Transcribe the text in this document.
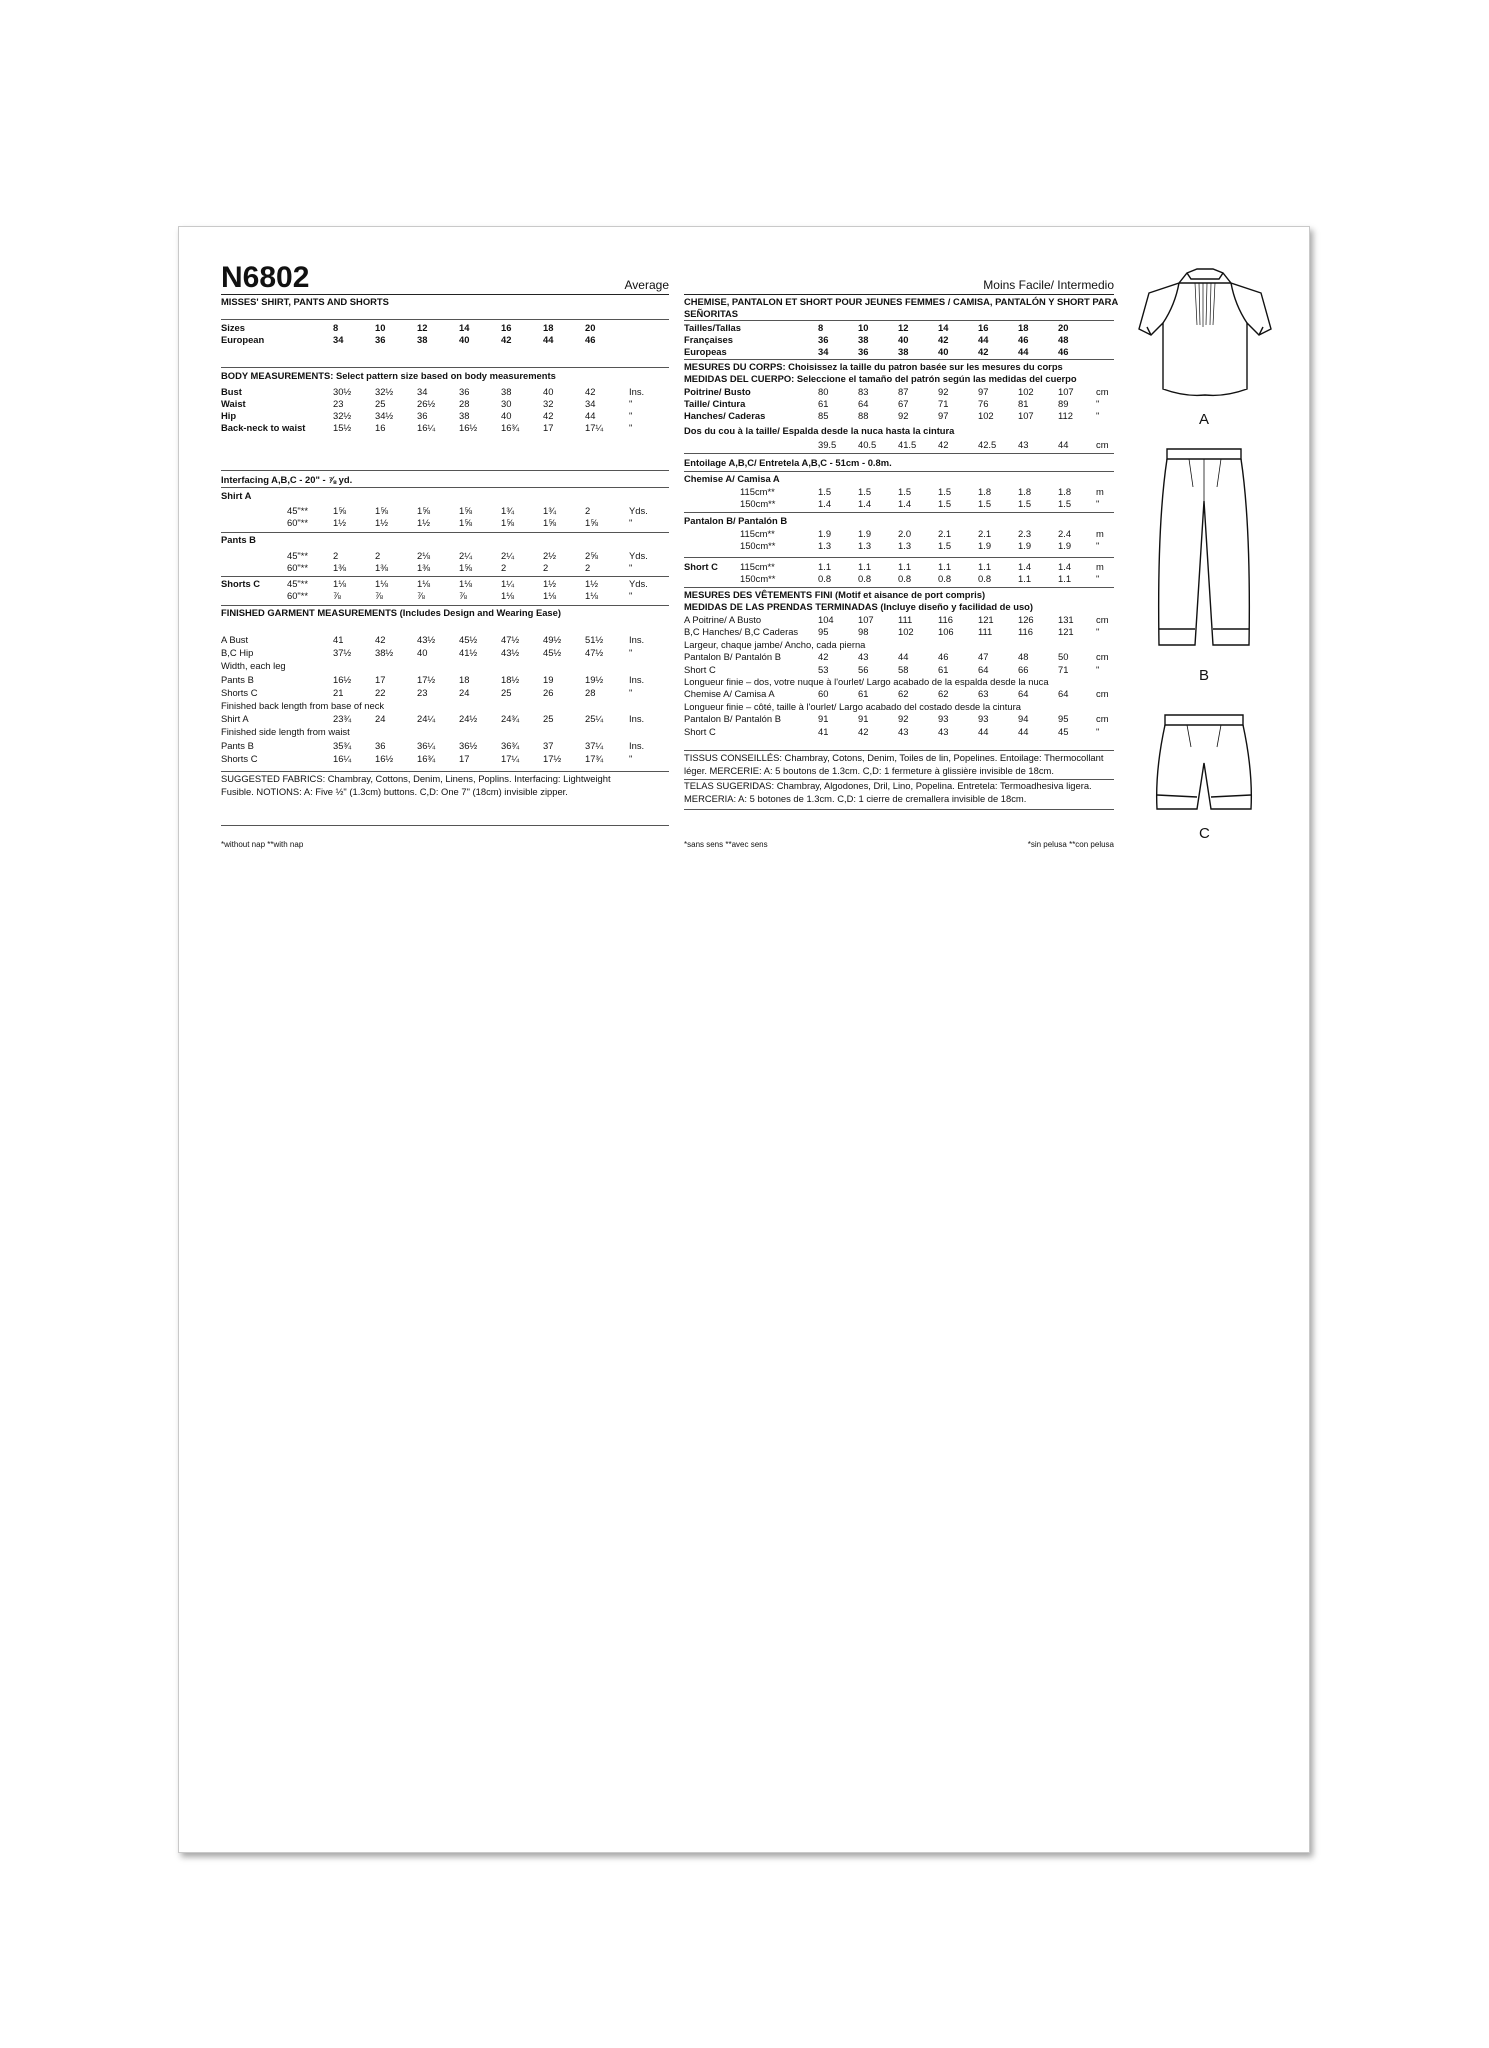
N6802	Average
MISSES' SHIRT, PANTS AND SHORTS
Sizes	8	10	12	14	16	18	20
European	34	36	38	40	42	44	46
BODY MEASUREMENTS: Select pattern size based on body measurements
Bust	30½	32½	34	36	38	40	42	Ins.
Waist	23	25	26½	28	30	32	34	"
Hip	32½	34½	36	38	40	42	44	"
Back-neck to waist	15½	16	16¼	16½	16¾	17	17¼	"
Interfacing A,B,C - 20" - ⅞ yd.
Shirt A
45"**	1⅝	1⅝	1⅝	1⅝	1¾	1¾	2	Yds.
60"**	1½	1½	1½	1⅝	1⅝	1⅝	1⅝	"
Pants B
45"**	2	2	2⅛	2¼	2¼	2½	2⅝	Yds.
60"**	1⅜	1⅜	1⅜	1⅝	2	2	2	"
Shorts C	45"**	1⅛	1⅛	1⅛	1⅛	1¼	1½	1½	Yds.
60"**	⅞	⅞	⅞	⅞	1⅛	1⅛	1⅛	"
FINISHED GARMENT MEASUREMENTS (Includes Design and Wearing Ease)
A Bust	41	42	43½	45½	47½	49½	51½	Ins.
B,C Hip	37½	38½	40	41½	43½	45½	47½	"
Width, each leg
Pants B	16½	17	17½	18	18½	19	19½	Ins.
Shorts C	21	22	23	24	25	26	28	"
Finished back length from base of neck
Shirt A	23¾	24	24¼	24½	24¾	25	25¼	Ins.
Finished side length from waist
Pants B	35¾	36	36¼	36½	36¾	37	37¼	Ins.
Shorts C	16¼	16½	16¾	17	17¼	17½	17¾	"
SUGGESTED FABRICS: Chambray, Cottons, Denim, Linens, Poplins. Interfacing: Lightweight
Fusible. NOTIONS: A: Five ½" (1.3cm) buttons. C,D: One 7" (18cm) invisible zipper.
*without nap **with nap
Moins Facile/ Intermedio
CHEMISE, PANTALON ET SHORT POUR JEUNES FEMMES / CAMISA, PANTALÓN Y SHORT PARA
SEÑORITAS
Tailles/Tallas	8	10	12	14	16	18	20
Françaises	36	38	40	42	44	46	48
Europeas	34	36	38	40	42	44	46
MESURES DU CORPS: Choisissez la taille du patron basée sur les mesures du corps
MEDIDAS DEL CUERPO: Seleccione el tamaño del patrón según las medidas del cuerpo
Poitrine/ Busto	80	83	87	92	97	102	107 cm
Taille/ Cintura	61	64	67	71	76	81	89	"
Hanches/ Caderas	85	88	92	97	102	107	112 "
Dos du cou à la taille/ Espalda desde la nuca hasta la cintura
39.5 40.5 41.5 42	42.5 43	44	cm
Entoilage A,B,C/ Entretela A,B,C - 51cm - 0.8m.
Chemise A/ Camisa A
115cm**	1.5	1.5	1.5	1.5	1.8	1.8	1.8	m
150cm**	1.4	1.4	1.4	1.5	1.5	1.5	1.5	"
Pantalon B/ Pantalón B
115cm**	1.9	1.9	2.0	2.1	2.1	2.3	2.4	m
150cm**	1.3	1.3	1.3	1.5	1.9	1.9	1.9	"
Short C 115cm**	1.1	1.1	1.1	1.1	1.1	1.4	1.4	m
150cm**	0.8	0.8	0.8	0.8	0.8	1.1	1.1	"
MESURES DES VÊTEMENTS FINI (Motif et aisance de port compris)
MEDIDAS DE LAS PRENDAS TERMINADAS (Incluye diseño y facilidad de uso)
A Poitrine/ A Busto	104	107	111	116	121	126	131 cm
B,C Hanches/ B,C Caderas 95	98	102	106	111	116	121 "
Largeur, chaque jambe/ Ancho, cada pierna
Pantalon B/ Pantalón B	42	43	44	46	47	48	50	cm
Short C	53	56	58	61	64	66	71	"
Longueur finie – dos, votre nuque à l'ourlet/ Largo acabado de la espalda desde la nuca
Chemise A/ Camisa A	60	61	62	62	63	64	64	cm
Longueur finie – côté, taille à l'ourlet/ Largo acabado del costado desde la cintura
Pantalon B/ Pantalón B	91	91	92	93	93	94	95	cm
Short C	41	42	43	43	44	44	45	"
TISSUS CONSEILLÉS: Chambray, Cotons, Denim, Toiles de lin, Popelines. Entoilage: Thermocollant
léger. MERCERIE: A: 5 boutons de 1.3cm. C,D: 1 fermeture à glissière invisible de 18cm.
TELAS SUGERIDAS: Chambray, Algodones, Dril, Lino, Popelina. Entretela: Termoadhesiva ligera.
MERCERIA: A: 5 botones de 1.3cm. C,D: 1 cierre de cremallera invisible de 18cm.
*sans sens **avec sens	*sin pelusa **con pelusa
A
B
C
